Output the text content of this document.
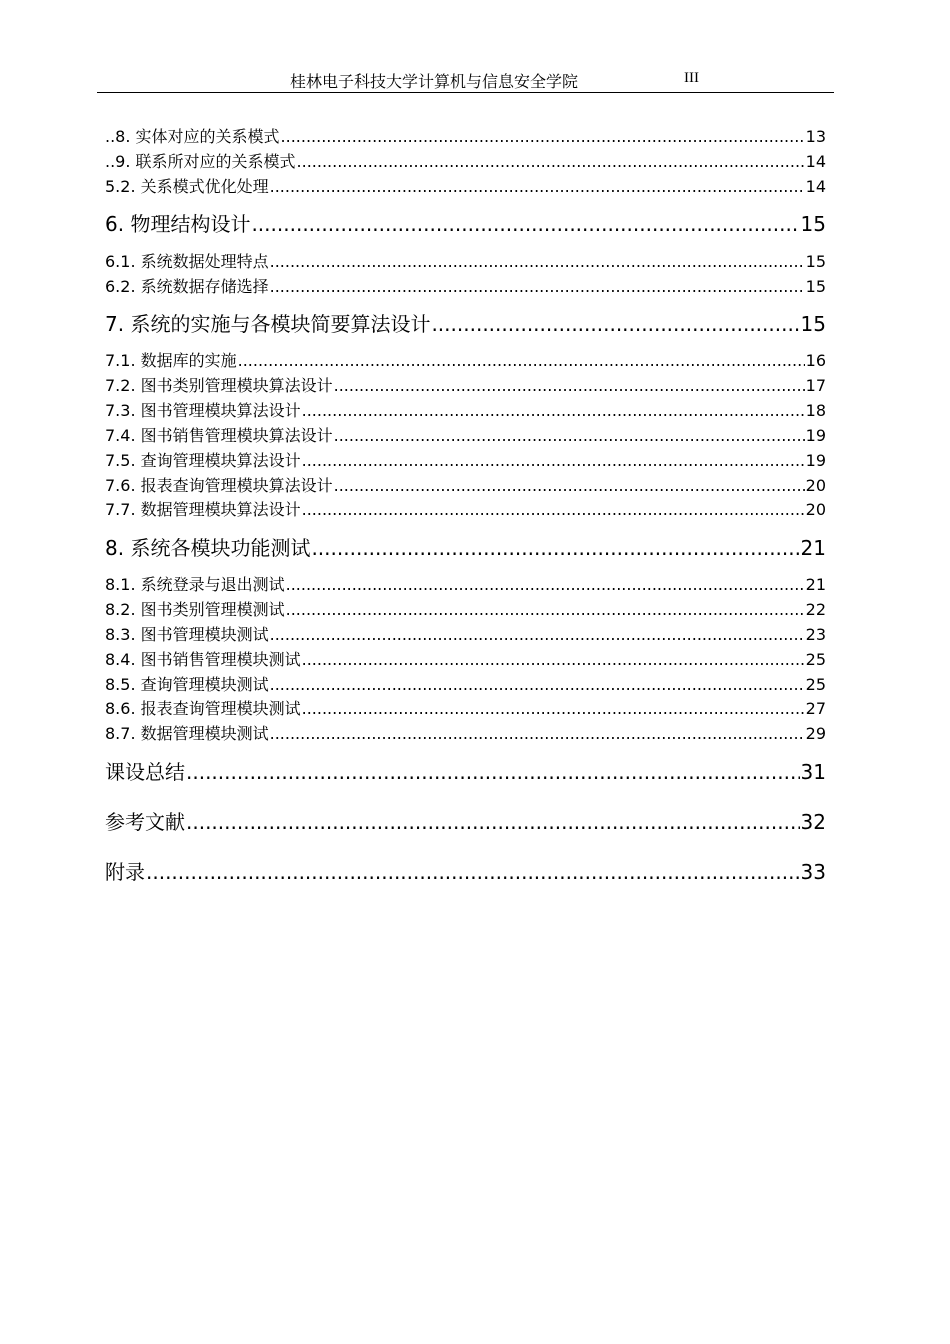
桂林电子科技大学计算机与信息安全学院	III
..8. 实体对应的关系模式 .....	13
..9. 联系所对应的关系模式 .....	14
5.2. 关系模式优化处理 .....	14
6. 物理结构设计 .....	15
6.1. 系统数据处理特点 .....	15
6.2. 系统数据存储选择 .....	15
7. 系统的实施与各模块简要算法设计 .....	15
7.1. 数据库的实施 .....	16
7.2. 图书类别管理模块算法设计 .....	17
7.3. 图书管理模块算法设计 .....	18
7.4. 图书销售管理模块算法设计 .....	19
7.5. 查询管理模块算法设计 .....	19
7.6. 报表查询管理模块算法设计 .....	20
7.7. 数据管理模块算法设计 .....	20
8. 系统各模块功能测试 .....	21
8.1. 系统登录与退出测试 .....	21
8.2. 图书类别管理模测试 .....	22
8.3. 图书管理模块测试 .....	23
8.4. 图书销售管理模块测试 .....	25
8.5. 查询管理模块测试 .....	25
8.6. 报表查询管理模块测试 .....	27
8.7. 数据管理模块测试 .....	29
课设总结 .....	31
参考文献 .....	32
附录 .....	33
